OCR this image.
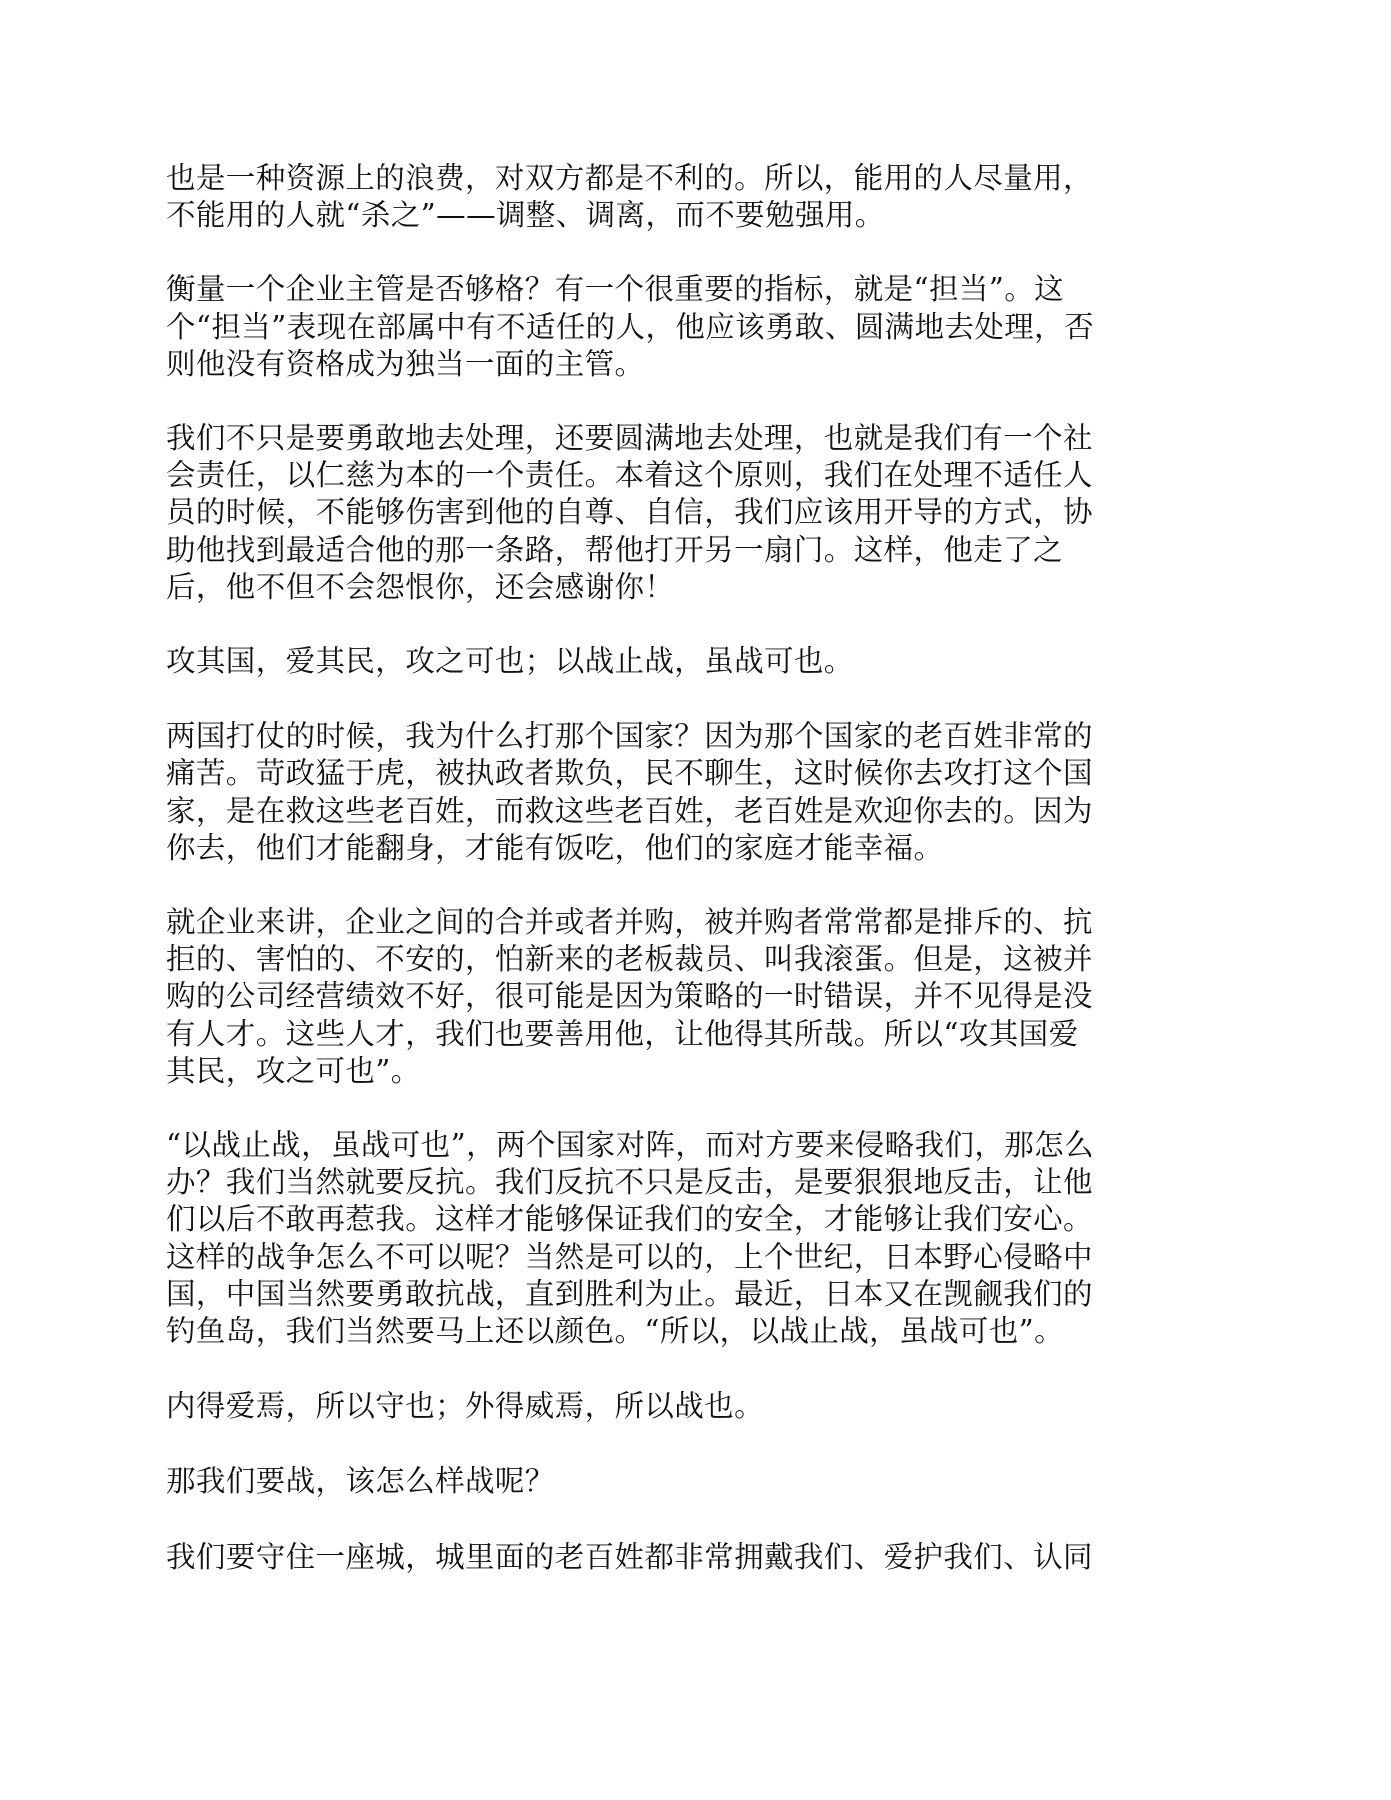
也是一种资源上的浪费，对双方都是不利的。所以，能用的人尽量用，
不能用的人就“杀之”——调整、调离，而不要勉强用。

衡量一个企业主管是否够格？有一个很重要的指标，就是“担当”。这
个“担当”表现在部属中有不适任的人，他应该勇敢、圆满地去处理，否
则他没有资格成为独当一面的主管。

我们不只是要勇敢地去处理，还要圆满地去处理，也就是我们有一个社
会责任，以仁慈为本的一个责任。本着这个原则，我们在处理不适任人
员的时候，不能够伤害到他的自尊、自信，我们应该用开导的方式，协
助他找到最适合他的那一条路，帮他打开另一扇门。这样，他走了之
后，他不但不会怨恨你，还会感谢你！

攻其国，爱其民，攻之可也；以战止战，虽战可也。

两国打仗的时候，我为什么打那个国家？因为那个国家的老百姓非常的
痛苦。苛政猛于虎，被执政者欺负，民不聊生，这时候你去攻打这个国
家，是在救这些老百姓，而救这些老百姓，老百姓是欢迎你去的。因为
你去，他们才能翻身，才能有饭吃，他们的家庭才能幸福。

就企业来讲，企业之间的合并或者并购，被并购者常常都是排斥的、抗
拒的、害怕的、不安的，怕新来的老板裁员、叫我滚蛋。但是，这被并
购的公司经营绩效不好，很可能是因为策略的一时错误，并不见得是没
有人才。这些人才，我们也要善用他，让他得其所哉。所以“攻其国爱
其民，攻之可也”。

“以战止战，虽战可也”，两个国家对阵，而对方要来侵略我们，那怎么
办？我们当然就要反抗。我们反抗不只是反击，是要狠狠地反击，让他
们以后不敢再惹我。这样才能够保证我们的安全，才能够让我们安心。
这样的战争怎么不可以呢？当然是可以的，上个世纪，日本野心侵略中
国，中国当然要勇敢抗战，直到胜利为止。最近，日本又在觊觎我们的
钓鱼岛，我们当然要马上还以颜色。“所以，以战止战，虽战可也”。

内得爱焉，所以守也；外得威焉，所以战也。

那我们要战，该怎么样战呢？

我们要守住一座城，城里面的老百姓都非常拥戴我们、爱护我们、认同
